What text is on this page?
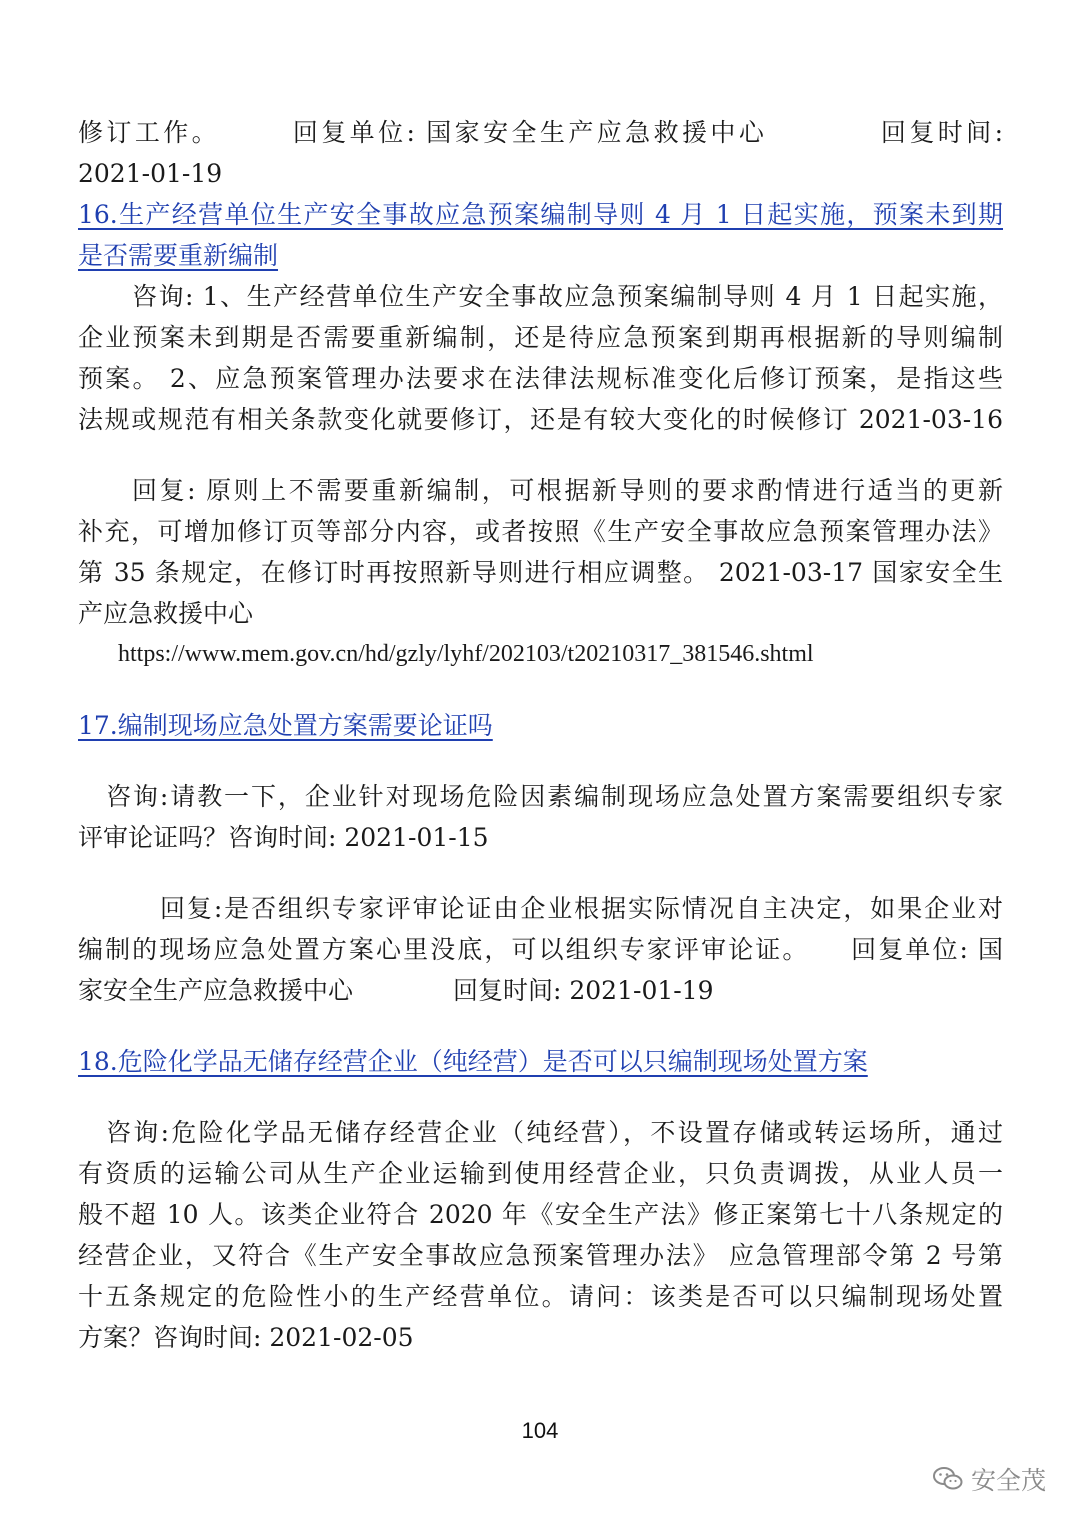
修订工作。　　　回复单位: 国家安全生产应急救援中心　　　　回复时间:
2021-01-19
16.生产经营单位生产安全事故应急预案编制导则 4 月 1 日起实施，预案未到期
是否需要重新编制
咨询: 1、生产经营单位生产安全事故应急预案编制导则 4 月 1 日起实施，
企业预案未到期是否需要重新编制，还是待应急预案到期再根据新的导则编制
预案。 2、应急预案管理办法要求在法律法规标准变化后修订预案，是指这些
法规或规范有相关条款变化就要修订，还是有较大变化的时候修订 2021-03-16
回复: 原则上不需要重新编制，可根据新导则的要求酌情进行适当的更新
补充，可增加修订页等部分内容，或者按照《生产安全事故应急预案管理办法》
第 35 条规定，在修订时再按照新导则进行相应调整。 2021-03-17 国家安全生
产应急救援中心
https://www.mem.gov.cn/hd/gzly/lyhf/202103/t20210317_381546.shtml
17.编制现场应急处置方案需要论证吗
咨询:请教一下，企业针对现场危险因素编制现场应急处置方案需要组织专家
评审论证吗？咨询时间: 2021-01-15
回复:是否组织专家评审论证由企业根据实际情况自主决定，如果企业对
编制的现场应急处置方案心里没底，可以组织专家评审论证。　　回复单位: 国
家安全生产应急救援中心　　　　回复时间: 2021-01-19
18.危险化学品无储存经营企业（纯经营）是否可以只编制现场处置方案
咨询:危险化学品无储存经营企业（纯经营），不设置存储或转运场所，通过
有资质的运输公司从生产企业运输到使用经营企业，只负责调拨，从业人员一
般不超 10 人。该类企业符合 2020 年《安全生产法》修正案第七十八条规定的
经营企业，又符合《生产安全事故应急预案管理办法》 应急管理部令第 2 号第
十五条规定的危险性小的生产经营单位。请问：该类是否可以只编制现场处置
方案？咨询时间: 2021-02-05
104
安全茂
